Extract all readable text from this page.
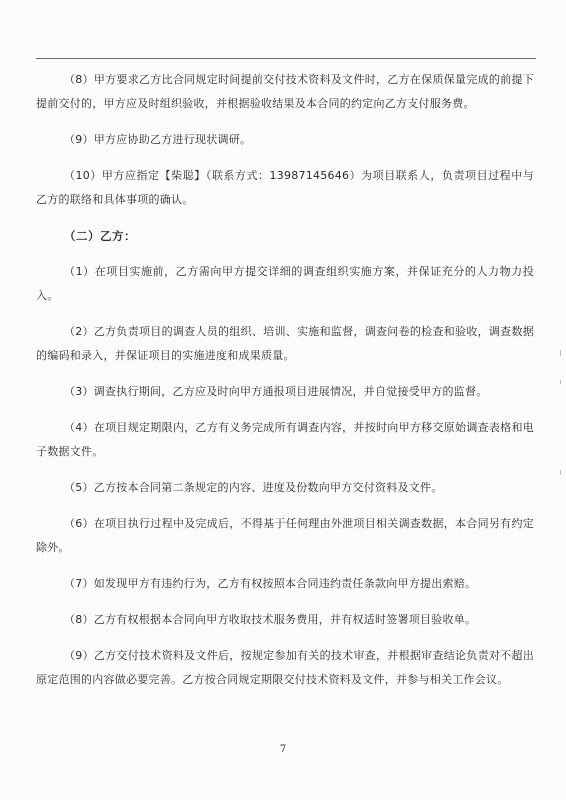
（8）甲方要求乙方比合同规定时间提前交付技术资料及文件时，乙方在保质保量完成的前提下提前交付的，甲方应及时组织验收，并根据验收结果及本合同的约定向乙方支付服务费。

（9）甲方应协助乙方进行现状调研。

（10）甲方应指定【柴聪】（联系方式：13987145646）为项目联系人，负责项目过程中与乙方的联络和具体事项的确认。

（二）乙方：

（1）在项目实施前，乙方需向甲方提交详细的调查组织实施方案，并保证充分的人力物力投入。

（2）乙方负责项目的调查人员的组织、培训、实施和监督，调查问卷的检查和验收，调查数据的编码和录入，并保证项目的实施进度和成果质量。

（3）调查执行期间，乙方应及时向甲方通报项目进展情况，并自觉接受甲方的监督。

（4）在项目规定期限内，乙方有义务完成所有调查内容，并按时向甲方移交原始调查表格和电子数据文件。

（5）乙方按本合同第二条规定的内容、进度及份数向甲方交付资料及文件。

（6）在项目执行过程中及完成后，不得基于任何理由外泄项目相关调查数据，本合同另有约定除外。

（7）如发现甲方有违约行为，乙方有权按照本合同违约责任条款向甲方提出索赔。

（8）乙方有权根据本合同向甲方收取技术服务费用，并有权适时签署项目验收单。

（9）乙方交付技术资料及文件后，按规定参加有关的技术审查，并根据审查结论负责对不超出原定范围的内容做必要完善。乙方按合同规定期限交付技术资料及文件，并参与相关工作会议。

7
